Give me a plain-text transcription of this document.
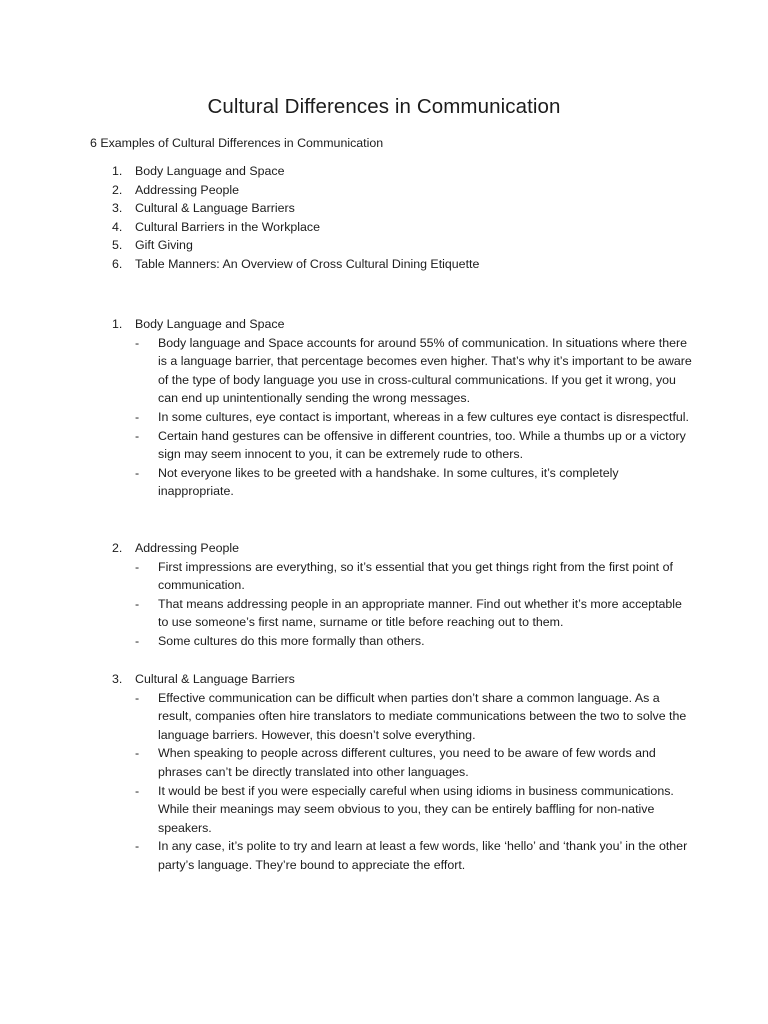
Cultural Differences in Communication

6 Examples of Cultural Differences in Communication

1.	Body Language and Space
2.	Addressing People
3.	Cultural & Language Barriers
4.	Cultural Barriers in the Workplace
5.	Gift Giving
6.	Table Manners: An Overview of Cross Cultural Dining Etiquette
1.	Body Language and Space
-	Body language and Space accounts for around 55% of communication. In situations where there is a language barrier, that percentage becomes even higher. That’s why it’s important to be aware of the type of body language you use in cross-cultural communications. If you get it wrong, you can end up unintentionally sending the wrong messages.
-	In some cultures, eye contact is important, whereas in a few cultures eye contact is disrespectful.
-	Certain hand gestures can be offensive in different countries, too. While a thumbs up or a victory sign may seem innocent to you, it can be extremely rude to others.
-	Not everyone likes to be greeted with a handshake. In some cultures, it’s completely inappropriate.
2.	Addressing People
-	First impressions are everything, so it’s essential that you get things right from the first point of communication.
-	That means addressing people in an appropriate manner. Find out whether it’s more acceptable to use someone’s first name, surname or title before reaching out to them.
-	Some cultures do this more formally than others.
3.	Cultural & Language Barriers
-	Effective communication can be difficult when parties don’t share a common language. As a result, companies often hire translators to mediate communications between the two to solve the language barriers. However, this doesn’t solve everything.
-	When speaking to people across different cultures, you need to be aware of few words and phrases can’t be directly translated into other languages.
-	It would be best if you were especially careful when using idioms in business communications. While their meanings may seem obvious to you, they can be entirely baffling for non-native speakers.
-	In any case, it’s polite to try and learn at least a few words, like ‘hello’ and ‘thank you’ in the other party’s language. They’re bound to appreciate the effort.
